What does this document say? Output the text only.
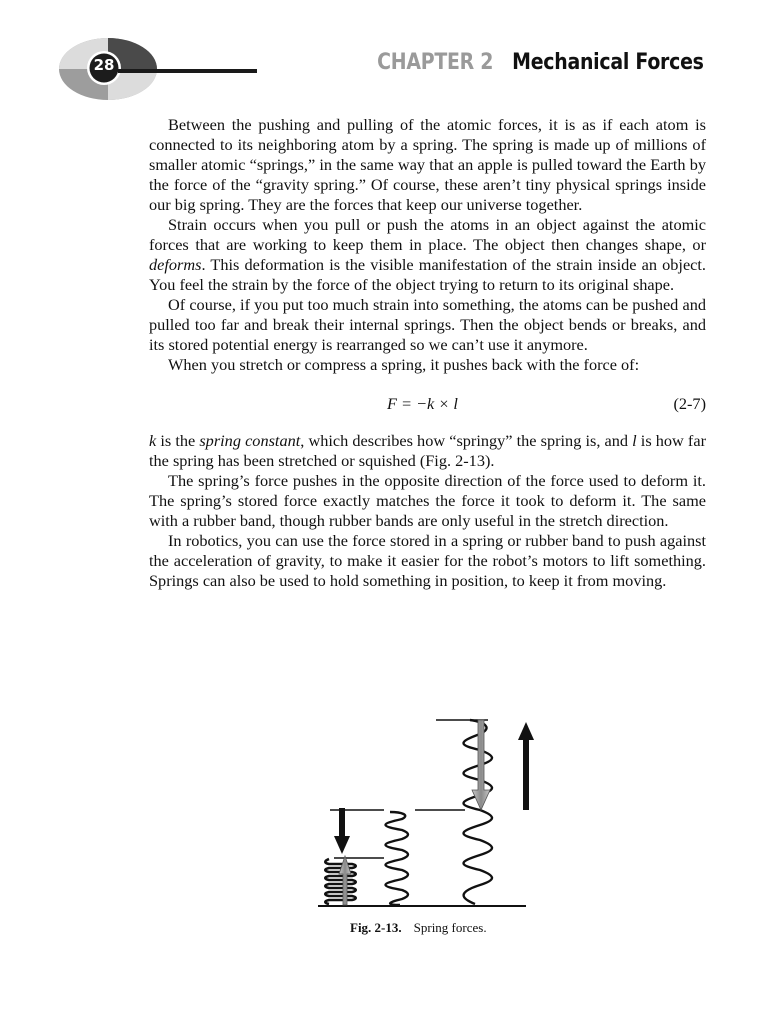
28	CHAPTER 2 Mechanical Forces

Between the pushing and pulling of the atomic forces, it is as if each atom is connected to its neighboring atom by a spring. The spring is made up of millions of smaller atomic “springs,” in the same way that an apple is pulled toward the Earth by the force of the “gravity spring.” Of course, these aren’t tiny physical springs inside our big spring. They are the forces that keep our universe together.

Strain occurs when you pull or push the atoms in an object against the atomic forces that are working to keep them in place. The object then changes shape, or deforms. This deformation is the visible manifestation of the strain inside an object. You feel the strain by the force of the object trying to return to its original shape.

Of course, if you put too much strain into something, the atoms can be pushed and pulled too far and break their internal springs. Then the object bends or breaks, and its stored potential energy is rearranged so we can’t use it anymore.

When you stretch or compress a spring, it pushes back with the force of:

F = −k × l	(2-7)

k is the spring constant, which describes how “springy” the spring is, and l is how far the spring has been stretched or squished (Fig. 2-13).

The spring’s force pushes in the opposite direction of the force used to deform it. The spring’s stored force exactly matches the force it took to deform it. The same with a rubber band, though rubber bands are only useful in the stretch direction.

In robotics, you can use the force stored in a spring or rubber band to push against the acceleration of gravity, to make it easier for the robot’s motors to lift something. Springs can also be used to hold something in position, to keep it from moving.

Fig. 2-13. Spring forces.
